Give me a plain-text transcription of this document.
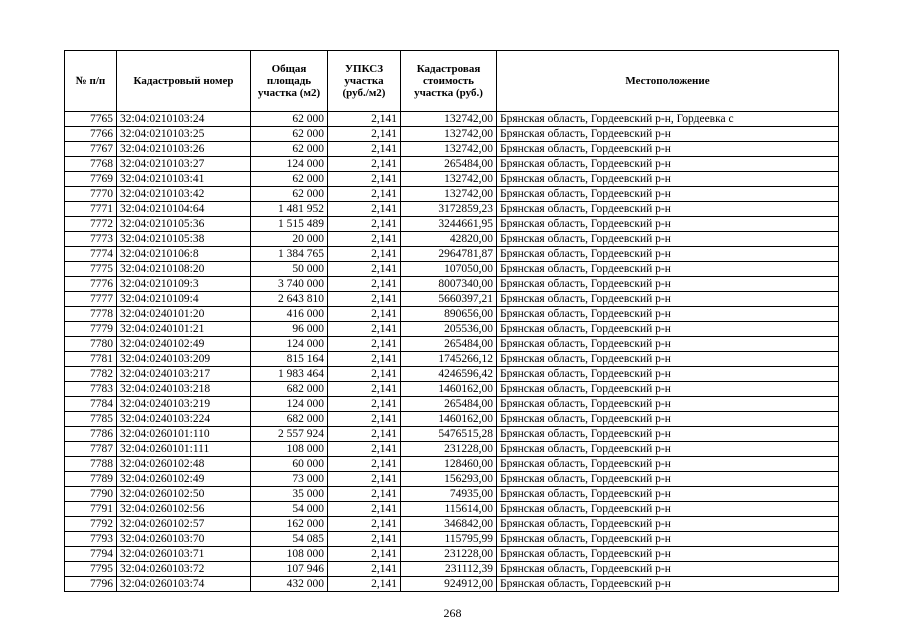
№ п/п	Кадастровый номер	Общая площадь участка (м2)	УПКСЗ участка (руб./м2)	Кадастровая стоимость участка (руб.)	Местоположение
7765	32:04:0210103:24	62 000	2,141	132742,00	Брянская область, Гордеевский р-н, Гордеевка с
7766	32:04:0210103:25	62 000	2,141	132742,00	Брянская область, Гордеевский р-н
7767	32:04:0210103:26	62 000	2,141	132742,00	Брянская область, Гордеевский р-н
7768	32:04:0210103:27	124 000	2,141	265484,00	Брянская область, Гордеевский р-н
7769	32:04:0210103:41	62 000	2,141	132742,00	Брянская область, Гордеевский р-н
7770	32:04:0210103:42	62 000	2,141	132742,00	Брянская область, Гордеевский р-н
7771	32:04:0210104:64	1 481 952	2,141	3172859,23	Брянская область, Гордеевский р-н
7772	32:04:0210105:36	1 515 489	2,141	3244661,95	Брянская область, Гордеевский р-н
7773	32:04:0210105:38	20 000	2,141	42820,00	Брянская область, Гордеевский р-н
7774	32:04:0210106:8	1 384 765	2,141	2964781,87	Брянская область, Гордеевский р-н
7775	32:04:0210108:20	50 000	2,141	107050,00	Брянская область, Гордеевский р-н
7776	32:04:0210109:3	3 740 000	2,141	8007340,00	Брянская область, Гордеевский р-н
7777	32:04:0210109:4	2 643 810	2,141	5660397,21	Брянская область, Гордеевский р-н
7778	32:04:0240101:20	416 000	2,141	890656,00	Брянская область, Гордеевский р-н
7779	32:04:0240101:21	96 000	2,141	205536,00	Брянская область, Гордеевский р-н
7780	32:04:0240102:49	124 000	2,141	265484,00	Брянская область, Гордеевский р-н
7781	32:04:0240103:209	815 164	2,141	1745266,12	Брянская область, Гордеевский р-н
7782	32:04:0240103:217	1 983 464	2,141	4246596,42	Брянская область, Гордеевский р-н
7783	32:04:0240103:218	682 000	2,141	1460162,00	Брянская область, Гордеевский р-н
7784	32:04:0240103:219	124 000	2,141	265484,00	Брянская область, Гордеевский р-н
7785	32:04:0240103:224	682 000	2,141	1460162,00	Брянская область, Гордеевский р-н
7786	32:04:0260101:110	2 557 924	2,141	5476515,28	Брянская область, Гордеевский р-н
7787	32:04:0260101:111	108 000	2,141	231228,00	Брянская область, Гордеевский р-н
7788	32:04:0260102:48	60 000	2,141	128460,00	Брянская область, Гордеевский р-н
7789	32:04:0260102:49	73 000	2,141	156293,00	Брянская область, Гордеевский р-н
7790	32:04:0260102:50	35 000	2,141	74935,00	Брянская область, Гордеевский р-н
7791	32:04:0260102:56	54 000	2,141	115614,00	Брянская область, Гордеевский р-н
7792	32:04:0260102:57	162 000	2,141	346842,00	Брянская область, Гордеевский р-н
7793	32:04:0260103:70	54 085	2,141	115795,99	Брянская область, Гордеевский р-н
7794	32:04:0260103:71	108 000	2,141	231228,00	Брянская область, Гордеевский р-н
7795	32:04:0260103:72	107 946	2,141	231112,39	Брянская область, Гордеевский р-н
7796	32:04:0260103:74	432 000	2,141	924912,00	Брянская область, Гордеевский р-н
268
